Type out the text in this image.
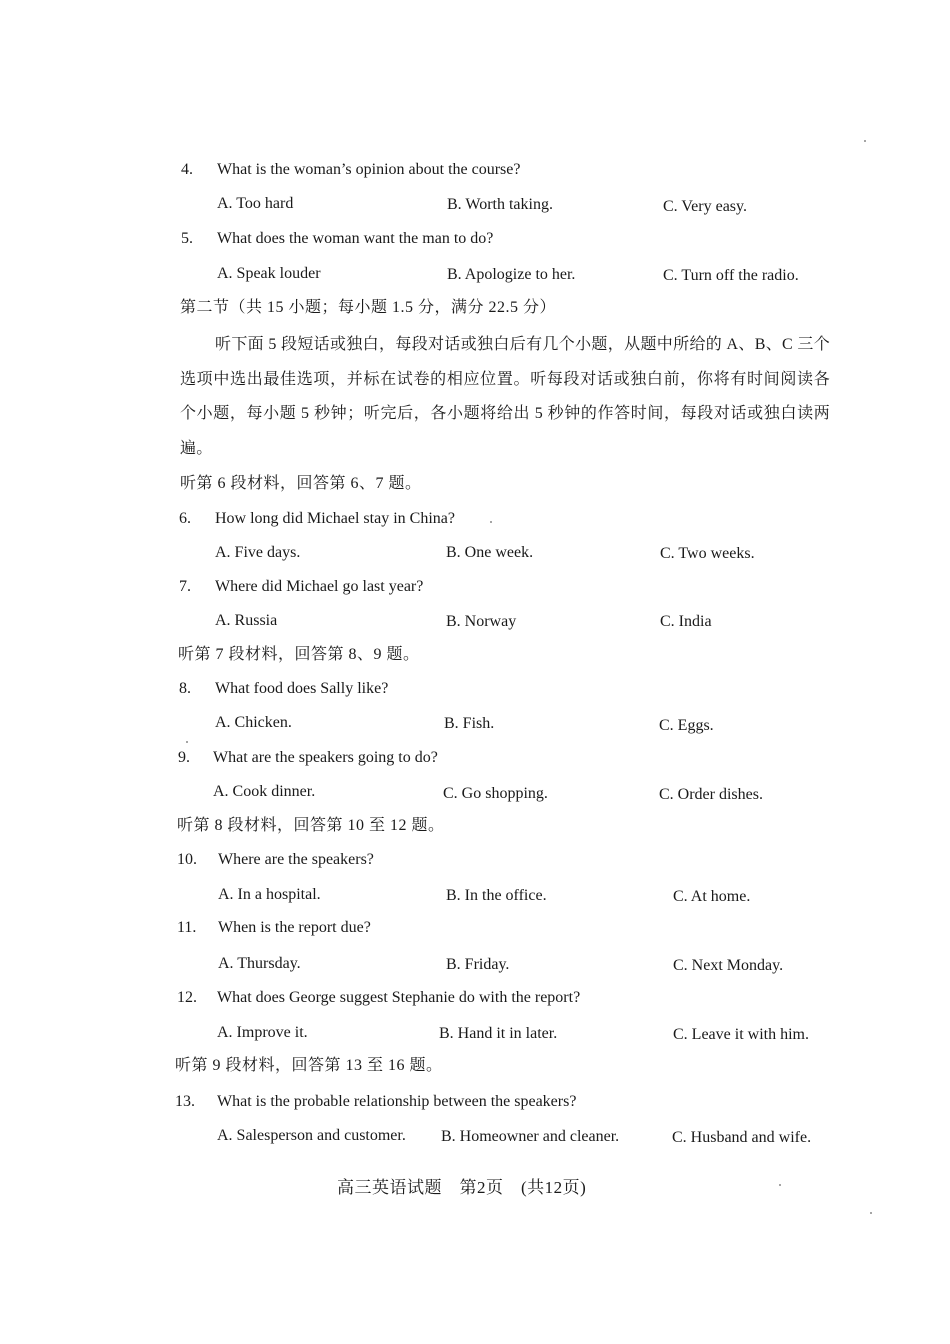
4. What is the woman’s opinion about the course?
A. Too hard	B. Worth taking.	C. Very easy.
5. What does the woman want the man to do?
A. Speak louder	B. Apologize to her.	C. Turn off the radio.
第二节（共 15 小题；每小题 1.5 分，满分 22.5 分）
听下面 5 段短话或独白，每段对话或独白后有几个小题，从题中所给的 A、B、C 三个选项中选出最佳选项，并标在试卷的相应位置。听每段对话或独白前，你将有时间阅读各个小题，每小题 5 秒钟；听完后，各小题将给出 5 秒钟的作答时间，每段对话或独白读两遍。
听第 6 段材料，回答第 6、7 题。
6. How long did Michael stay in China?
A. Five days.	B. One week.	C. Two weeks.
7. Where did Michael go last year?
A. Russia	B. Norway	C. India
听第 7 段材料，回答第 8、9 题。
8. What food does Sally like?
A. Chicken.	B. Fish.	C. Eggs.
9. What are the speakers going to do?
A. Cook dinner.	C. Go shopping.	C. Order dishes.
听第 8 段材料，回答第 10 至 12 题。
10. Where are the speakers?
A. In a hospital.	B. In the office.	C. At home.
11. When is the report due?
A. Thursday.	B. Friday.	C. Next Monday.
12. What does George suggest Stephanie do with the report?
A. Improve it.	B. Hand it in later.	C. Leave it with him.
听第 9 段材料，回答第 13 至 16 题。
13. What is the probable relationship between the speakers?
A. Salesperson and customer. B. Homeowner and cleaner.	C. Husband and wife.
高三英语试题　第2页　(共12页)
